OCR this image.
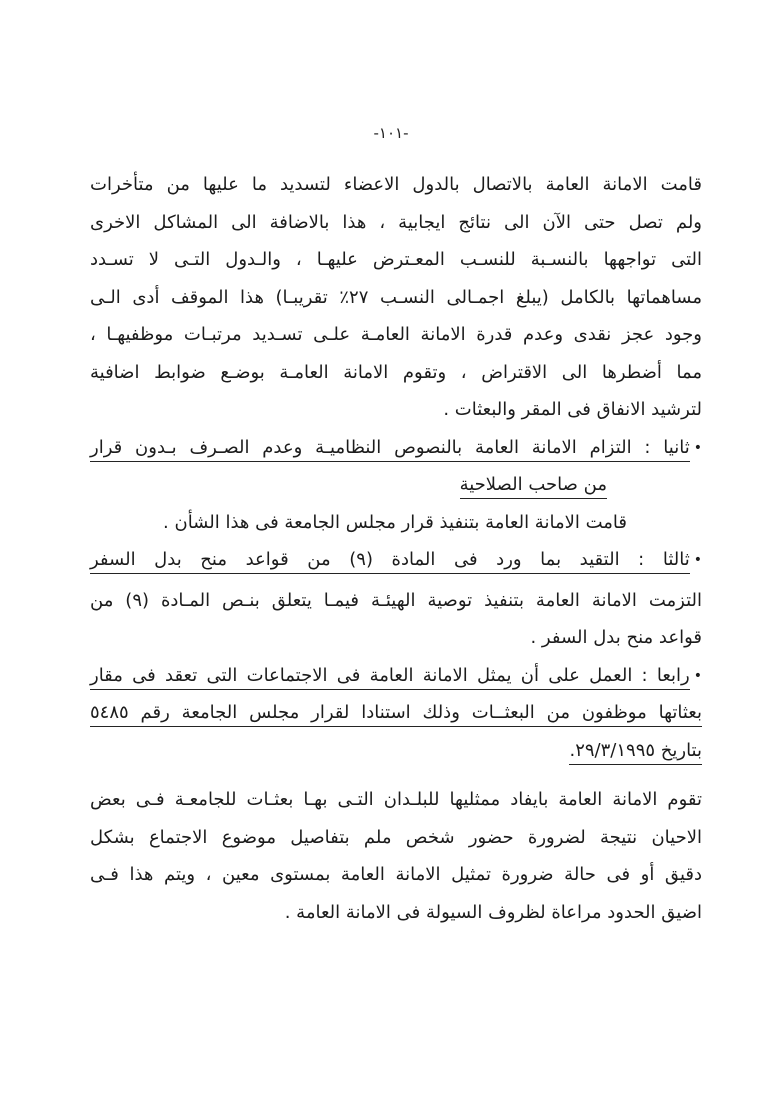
-١٠١-
قامت الامانة العامة بالاتصال بالدول الاعضاء لتسديد ما عليها من متأخرات
ولم تصل حتى الآن الى نتائج ايجابية ، هذا بالاضافة الى المشاكل الاخرى
التى تواجهها بالنسـبة للنسـب المعـترض عليهـا ، والـدول التـى لا تسـدد
مساهماتها بالكامل (يبلغ اجمـالى النسـب ٢٧٪ تقريبـا) هذا الموقف أدى الـى
وجود عجز نقدى وعدم قدرة الامانة العامـة علـى تسـديد مرتبـات موظفيهـا ،
مما أضطرها الى الاقتراض ، وتقوم الامانة العامـة بوضـع ضوابط اضافية
لترشيد الانفاق فى المقر والبعثات .
•ثانيا : التزام الامانة العامة بالنصوص النظاميـة وعدم الصـرف بـدون قرار
من صاحب الصلاحية
قامت الامانة العامة بتنفيذ قرار مجلس الجامعة فى هذا الشأن .
•ثالثا : التقيد بما ورد فى المادة (٩) من قواعد منح بدل السفر
التزمت الامانة العامة بتنفيذ توصية الهيئـة فيمـا يتعلق بنـص المـادة (٩) من
قواعد منح بدل السفر .
•رابعا : العمل على أن يمثل الامانة العامة فى الاجتماعات التى تعقد فى مقار
بعثاتها موظفون من البعثــات وذلك استنادا لقرار مجلس الجامعة رقم ٥٤٨٥
بتاريخ ٢٩/٣/١٩٩٥.
تقوم الامانة العامة بايفاد ممثليها للبلـدان التـى بهـا بعثـات للجامعـة فـى بعض
الاحيان نتيجة لضرورة حضور شخص ملم بتفاصيل موضوع الاجتماع بشكل
دقيق أو فى حالة ضرورة تمثيل الامانة العامة بمستوى معين ، ويتم هذا فـى
اضيق الحدود مراعاة لظروف السيولة فى الامانة العامة .
